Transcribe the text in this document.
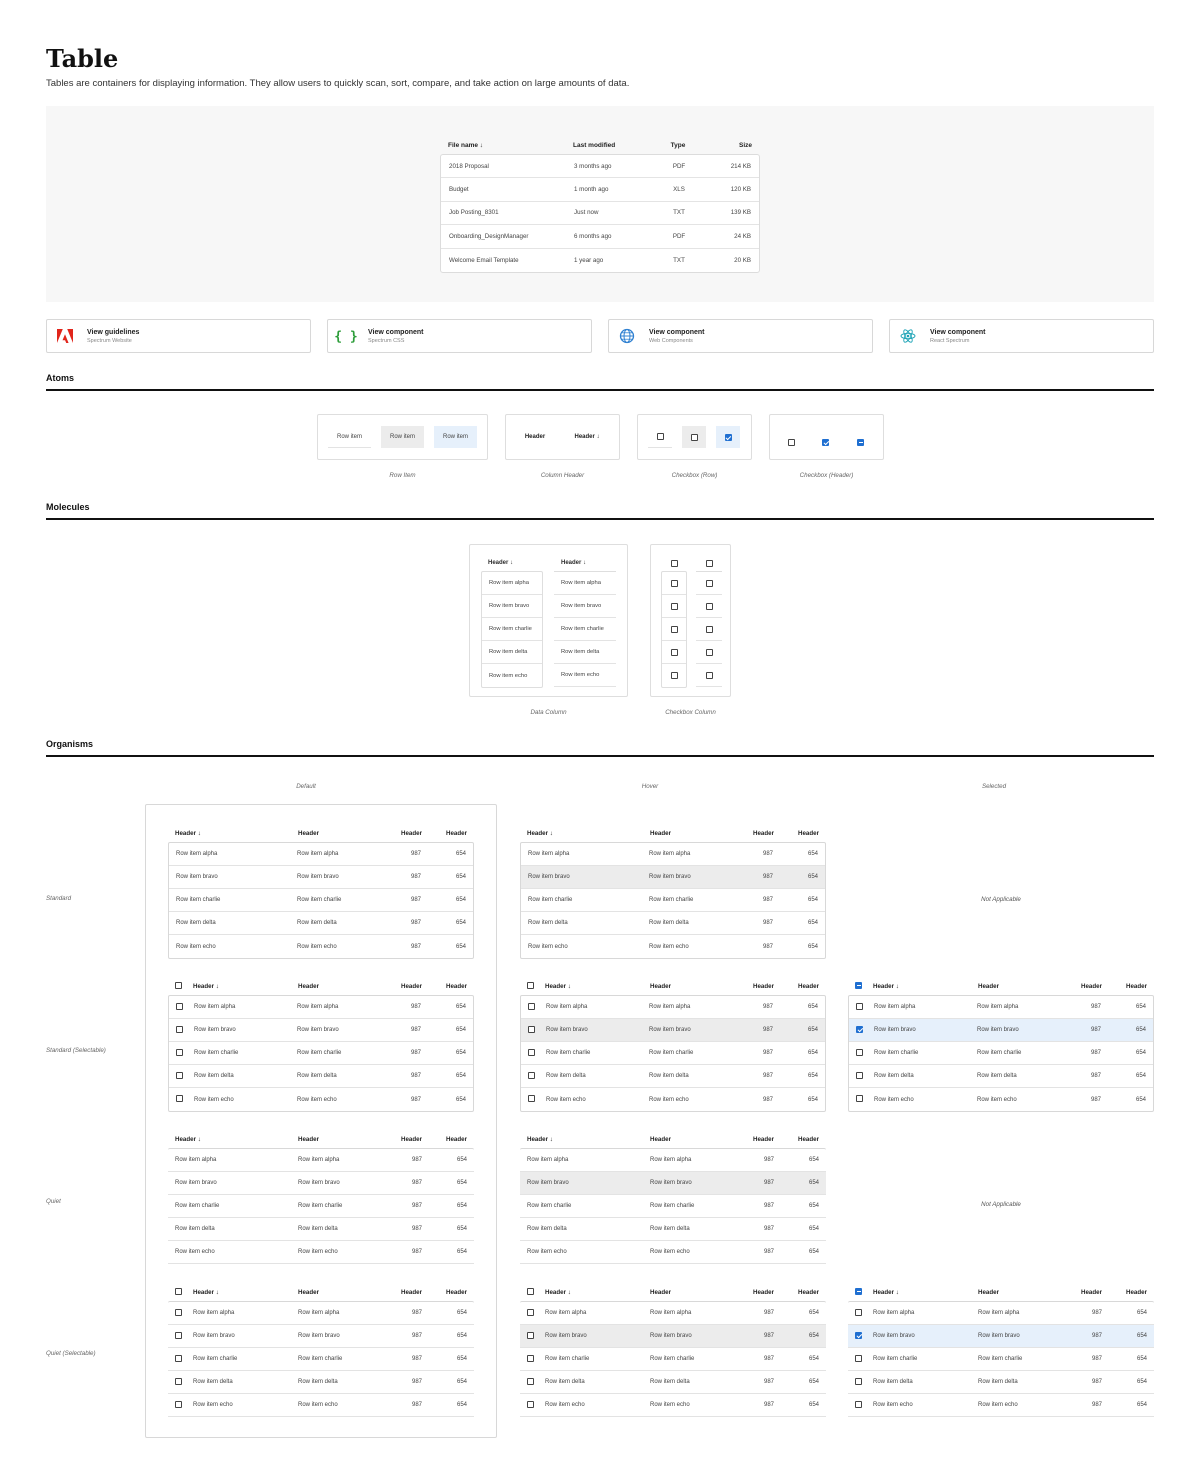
Table
Tables are containers for displaying information. They allow users to quickly scan, sort, compare, and take action on large amounts of data.
File name ↓	Last modified	Type	Size
2018 Proposal	3 months ago	PDF	214 KB
Budget	1 month ago	XLS	120 KB
Job Posting_8301	Just now	TXT	139 KB
Onboarding_DesignManager	6 months ago	PDF	24 KB
Welcome Email Template	1 year ago	TXT	20 KB
View guidelines
Spectrum Website	{ } View component
Spectrum CSS
View component
Web Components
View component
React Spectrum
Atoms
Row item	Row item	Row item
Row Item
Header	Header ↓
Column Header	Checkbox (Row)	Checkbox (Header)
Molecules
Header ↓
Row item alpha
Row item bravo
Row item charlie
Row item delta
Row item echo
Header ↓
Row item alpha
Row item bravo
Row item charlie
Row item delta
Row item echo
Data Column	Checkbox Column
Organisms
Default	Hover	Selected
Standard
Standard (Selectable)
Quiet
Quiet (Selectable)
Not Applicable
Not Applicable
Header ↓	Header	Header	Header
Row item alpha	Row item alpha	987	654
Row item bravo	Row item bravo	987	654
Row item charlie	Row item charlie	987	654
Row item delta	Row item delta	987	654
Row item echo	Row item echo	987	654
Header ↓	Header	Header	Header
Row item alpha	Row item alpha	987	654
Row item bravo	Row item bravo	987	654
Row item charlie	Row item charlie	987	654
Row item delta	Row item delta	987	654
Row item echo	Row item echo	987	654
Header ↓	Header	Header	Header
Row item alpha	Row item alpha	987	654
Row item bravo	Row item bravo	987	654
Row item charlie	Row item charlie	987	654
Row item delta	Row item delta	987	654
Row item echo	Row item echo	987	654
Header ↓	Header	Header	Header
Row item alpha	Row item alpha	987	654
Row item bravo	Row item bravo	987	654
Row item charlie	Row item charlie	987	654
Row item delta	Row item delta	987	654
Row item echo	Row item echo	987	654
Header ↓	Header	Header	Header
Row item alpha	Row item alpha	987	654
Row item bravo	Row item bravo	987	654
Row item charlie	Row item charlie	987	654
Row item delta	Row item delta	987	654
Row item echo	Row item echo	987	654
Header ↓	Header	Header	Header
Row item alpha	Row item alpha	987	654
Row item bravo	Row item bravo	987	654
Row item charlie	Row item charlie	987	654
Row item delta	Row item delta	987	654
Row item echo	Row item echo	987	654
Header ↓	Header	Header	Header
Row item alpha	Row item alpha	987	654
Row item bravo	Row item bravo	987	654
Row item charlie	Row item charlie	987	654
Row item delta	Row item delta	987	654
Row item echo	Row item echo	987	654
Header ↓	Header	Header	Header
Row item alpha	Row item alpha	987	654
Row item bravo	Row item bravo	987	654
Row item charlie	Row item charlie	987	654
Row item delta	Row item delta	987	654
Row item echo	Row item echo	987	654
Header ↓	Header	Header	Header
Row item alpha	Row item alpha	987	654
Row item bravo	Row item bravo	987	654
Row item charlie	Row item charlie	987	654
Row item delta	Row item delta	987	654
Row item echo	Row item echo	987	654
Header ↓	Header	Header	Header
Row item alpha	Row item alpha	987	654
Row item bravo	Row item bravo	987	654
Row item charlie	Row item charlie	987	654
Row item delta	Row item delta	987	654
Row item echo	Row item echo	987	654
